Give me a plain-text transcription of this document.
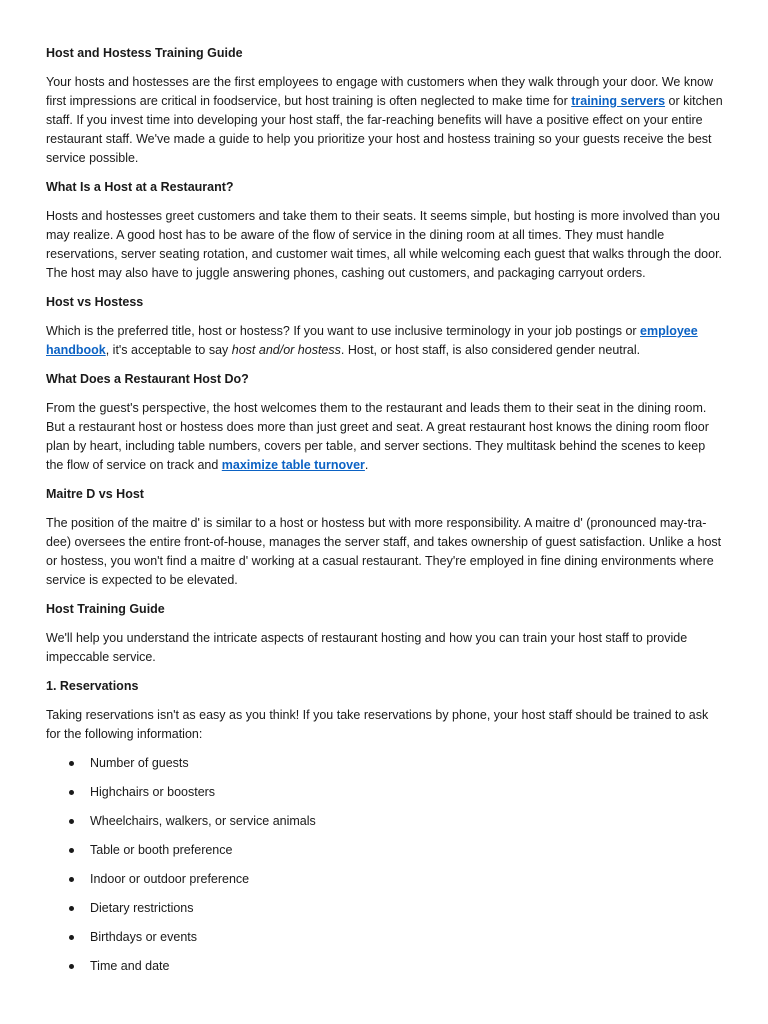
Host and Hostess Training Guide

Your hosts and hostesses are the first employees to engage with customers when they walk through your door. We know first impressions are critical in foodservice, but host training is often neglected to make time for training servers or kitchen staff. If you invest time into developing your host staff, the far-reaching benefits will have a positive effect on your entire restaurant staff. We've made a guide to help you prioritize your host and hostess training so your guests receive the best service possible.

What Is a Host at a Restaurant?

Hosts and hostesses greet customers and take them to their seats. It seems simple, but hosting is more involved than you may realize. A good host has to be aware of the flow of service in the dining room at all times. They must handle reservations, server seating rotation, and customer wait times, all while welcoming each guest that walks through the door. The host may also have to juggle answering phones, cashing out customers, and packaging carryout orders.

Host vs Hostess

Which is the preferred title, host or hostess? If you want to use inclusive terminology in your job postings or employee handbook, it's acceptable to say host and/or hostess. Host, or host staff, is also considered gender neutral.

What Does a Restaurant Host Do?

From the guest's perspective, the host welcomes them to the restaurant and leads them to their seat in the dining room. But a restaurant host or hostess does more than just greet and seat. A great restaurant host knows the dining room floor plan by heart, including table numbers, covers per table, and server sections. They multitask behind the scenes to keep the flow of service on track and maximize table turnover.

Maitre D vs Host

The position of the maitre d' is similar to a host or hostess but with more responsibility. A maitre d' (pronounced may-tra-dee) oversees the entire front-of-house, manages the server staff, and takes ownership of guest satisfaction. Unlike a host or hostess, you won't find a maitre d' working at a casual restaurant. They're employed in fine dining environments where service is expected to be elevated.

Host Training Guide

We'll help you understand the intricate aspects of restaurant hosting and how you can train your host staff to provide impeccable service.

1. Reservations

Taking reservations isn't as easy as you think! If you take reservations by phone, your host staff should be trained to ask for the following information:

Number of guests
Highchairs or boosters
Wheelchairs, walkers, or service animals
Table or booth preference
Indoor or outdoor preference
Dietary restrictions
Birthdays or events
Time and date
